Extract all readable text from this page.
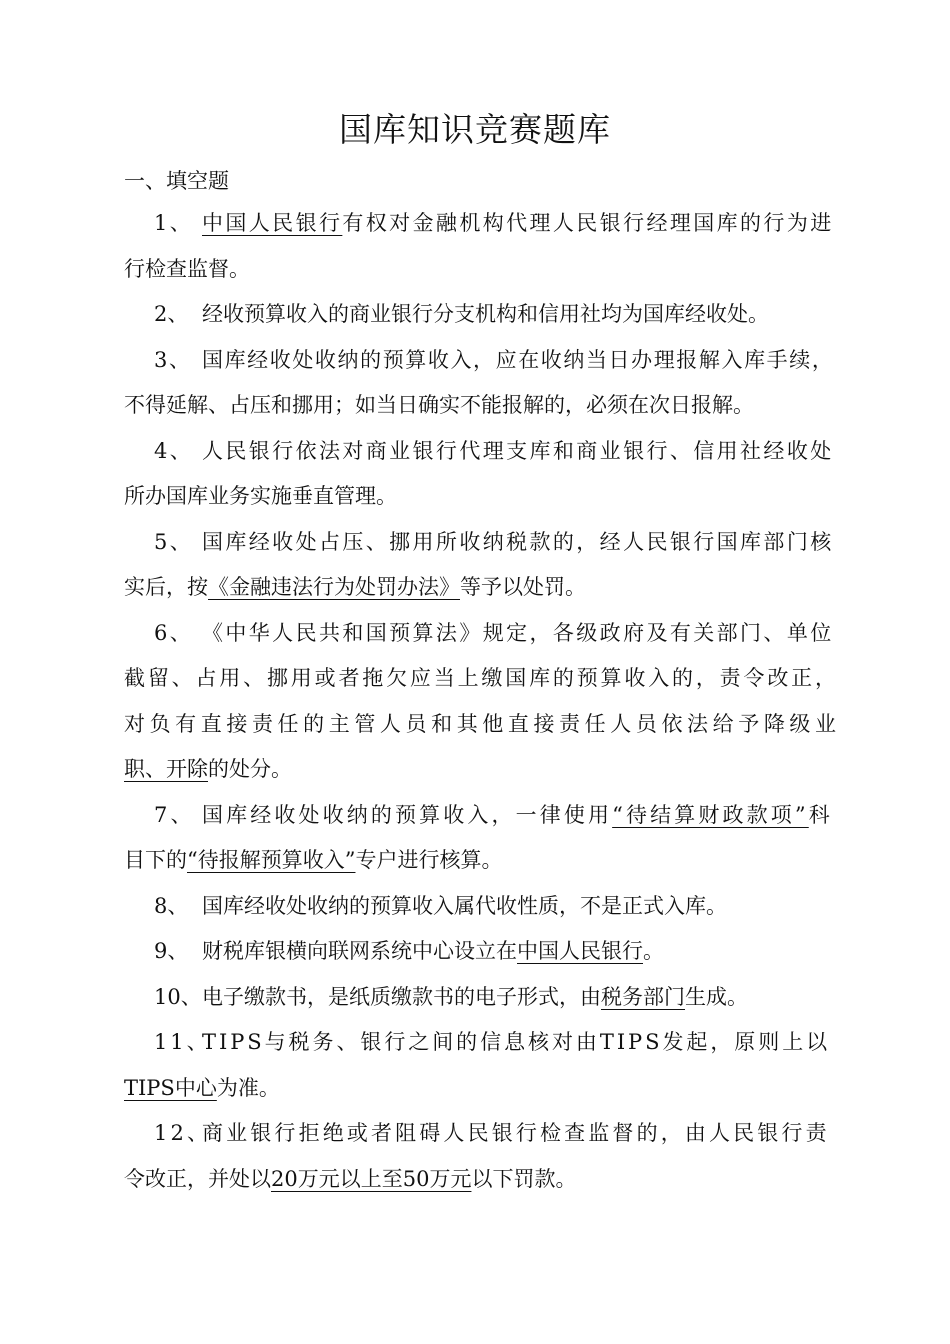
国库知识竞赛题库
一、填空题
1、 中国人民银行有权对金融机构代理人民银行经理国库的行为进
行检查监督。
2、 经收预算收入的商业银行分支机构和信用社均为国库经收处。
3、 国库经收处收纳的预算收入，应在收纳当日办理报解入库手续，
不得延解、占压和挪用；如当日确实不能报解的，必须在次日报解。
4、 人民银行依法对商业银行代理支库和商业银行、信用社经收处
所办国库业务实施垂直管理。
5、 国库经收处占压、挪用所收纳税款的，经人民银行国库部门核
实后，按《金融违法行为处罚办法》等予以处罚。
6、 《中华人民共和国预算法》规定，各级政府及有关部门、单位
截留、占用、挪用或者拖欠应当上缴国库的预算收入的，责令改正，
对负有直接责任的主管人员和其他直接责任人员依法给予降级业
职、开除的处分。
7、 国库经收处收纳的预算收入，一律使用“待结算财政款项”科
目下的“待报解预算收入”专户进行核算。
8、 国库经收处收纳的预算收入属代收性质，不是正式入库。
9、 财税库银横向联网系统中心设立在中国人民银行。
10、电子缴款书，是纸质缴款书的电子形式，由税务部门生成。
11、TIPS与税务、银行之间的信息核对由TIPS发起，原则上以
TIPS中心为准。
12、商业银行拒绝或者阻碍人民银行检查监督的，由人民银行责
令改正，并处以20万元以上至50万元以下罚款。
